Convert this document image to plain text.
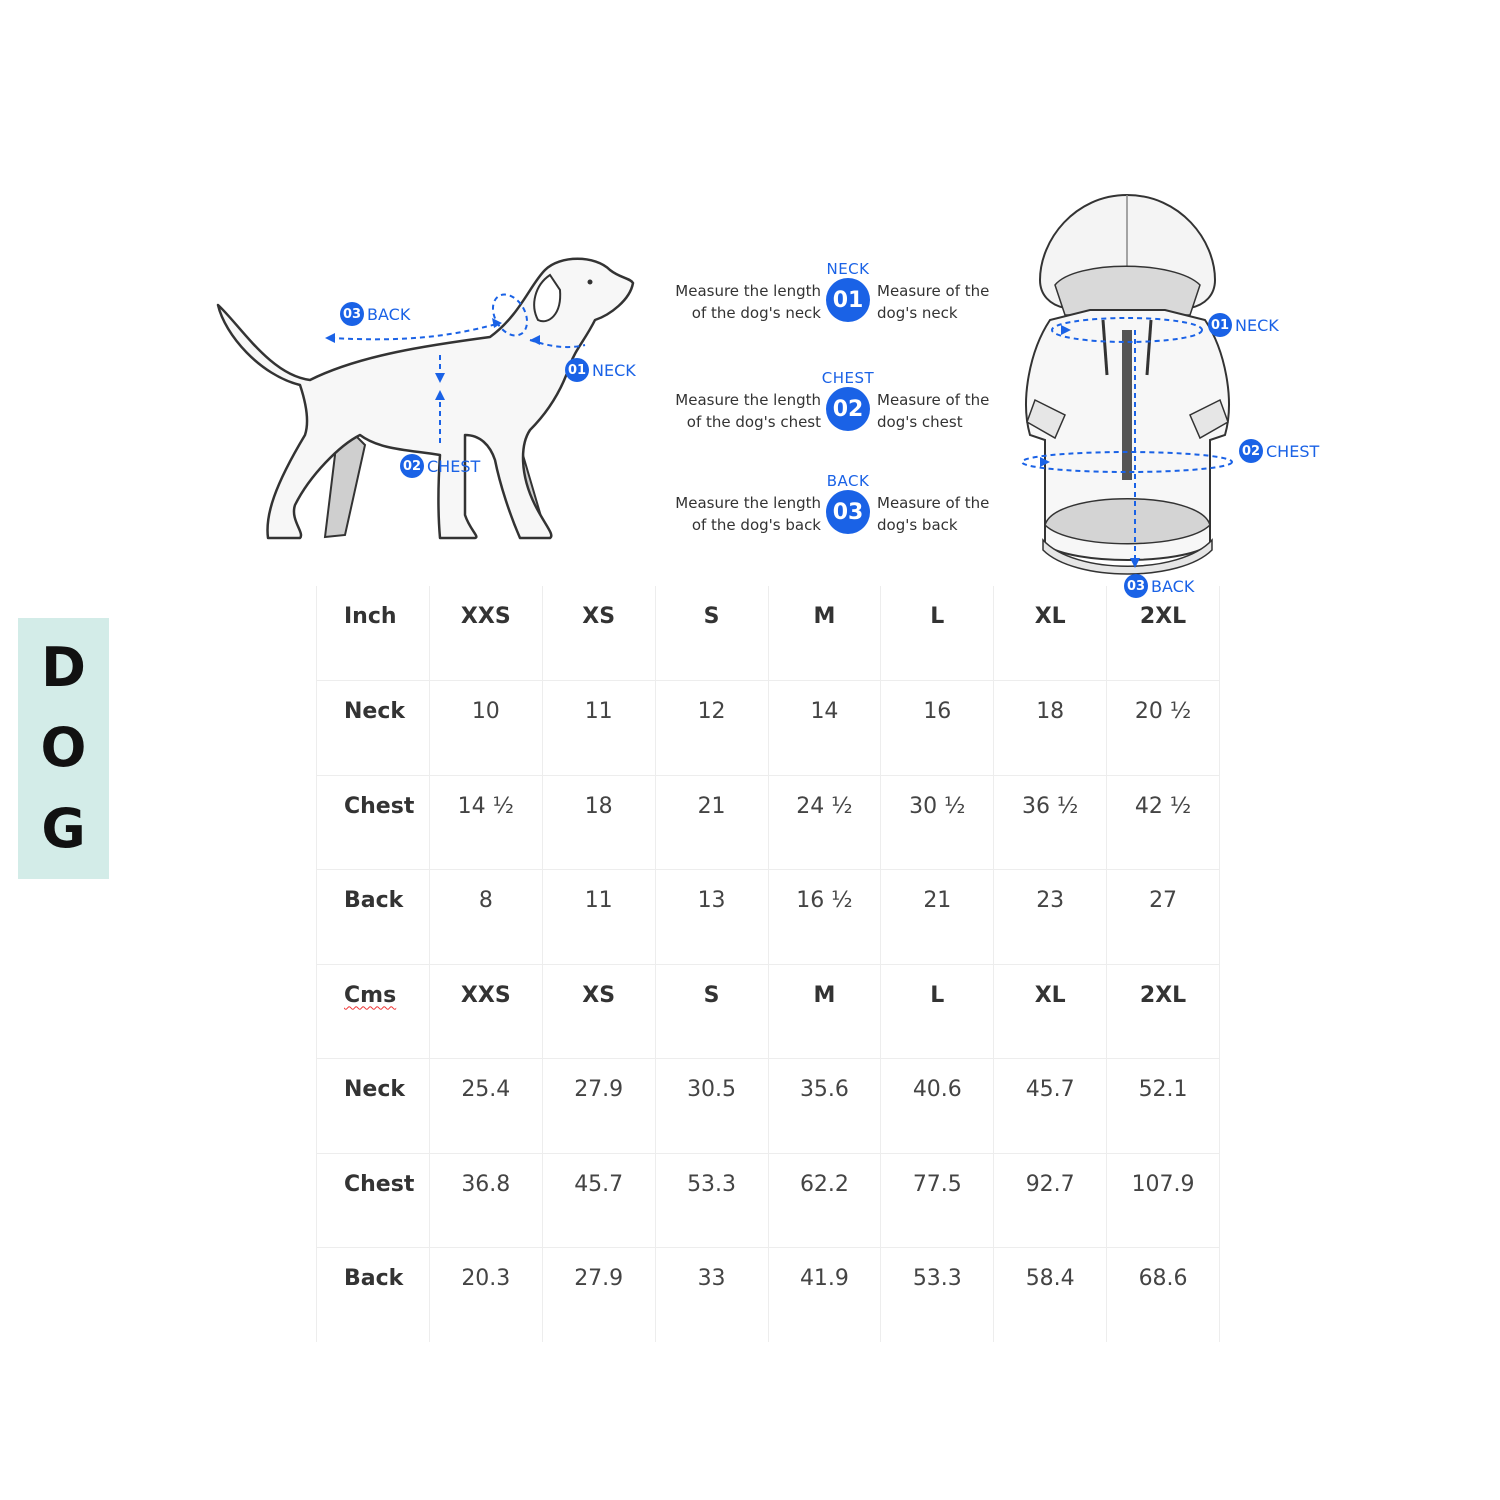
D
O
G
03 BACK
01 NECK
02 CHEST
NECK
Measure the length
of the dog's neck
01 Measure of the
dog's neck
CHEST
Measure the length
of the dog's chest
02 Measure of the
dog's chest
BACK
Measure the length
of the dog's back
03 Measure of the
dog's back
01 NECK
02 CHEST
03 BACK
Inch	XXS	XS	S	M	L	XL	2XL
Neck	10	11	12	14	16	18	20 ½
Chest	14 ½	18	21	24 ½	30 ½	36 ½	42 ½
Back	8	11	13	16 ½	21	23	27
Cms	XXS	XS	S	M	L	XL	2XL
Neck	25.4	27.9	30.5	35.6	40.6	45.7	52.1
Chest	36.8	45.7	53.3	62.2	77.5	92.7	107.9
Back	20.3	27.9	33	41.9	53.3	58.4	68.6
